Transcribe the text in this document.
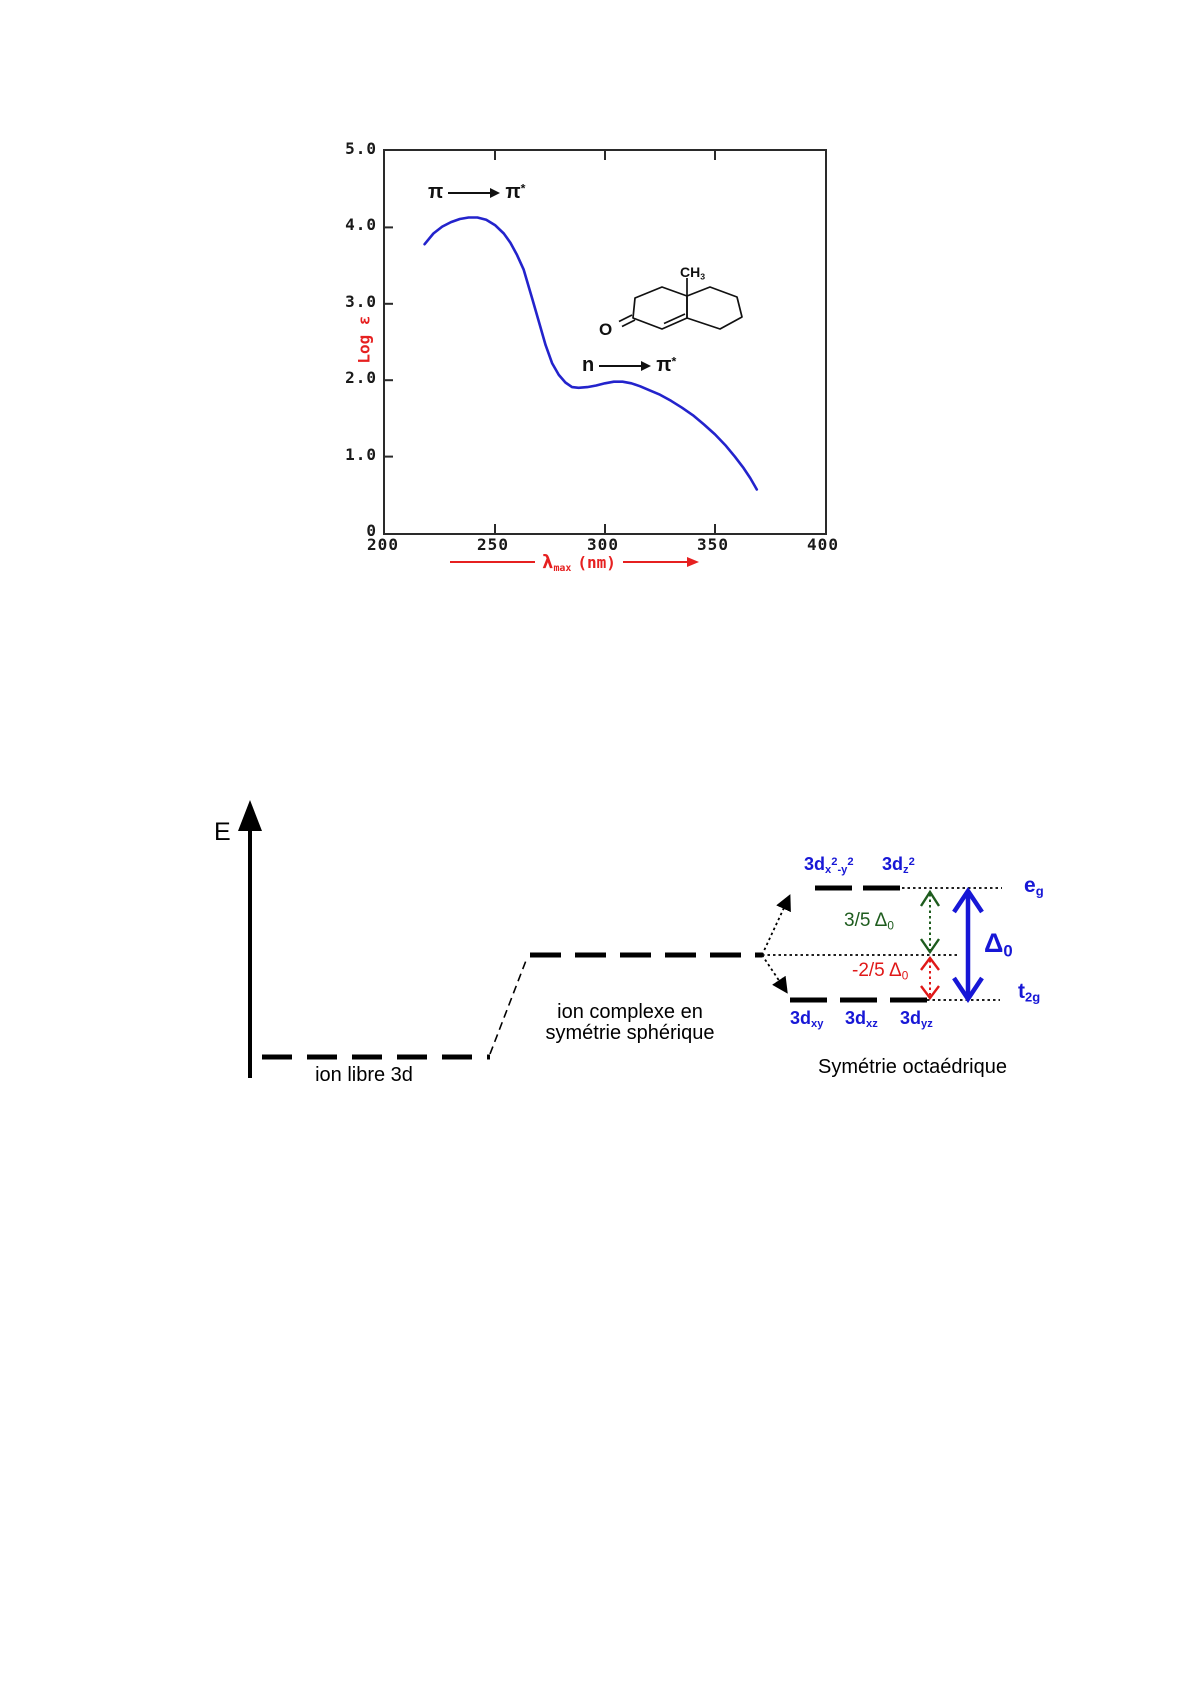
5.0
4.0
3.0
2.0
1.0
0
200	250	300	350	400
Log ε
$\lambda_{max}$ (nm)
π	π*
n	π*
$CH_3$
O
E
ion libre 3d
ion complexe en
symétrie sphérique
Symétrie octaédrique
$3d_x^2_{-y}^2$ $3d_z^2$
$e_g$
$t_{2g}$
$\Delta_0$
3/5 $\Delta_0$
-2/5 $\Delta_0$
$3d_{xy}$ $3d_{xz}$ $3d_{yz}$
